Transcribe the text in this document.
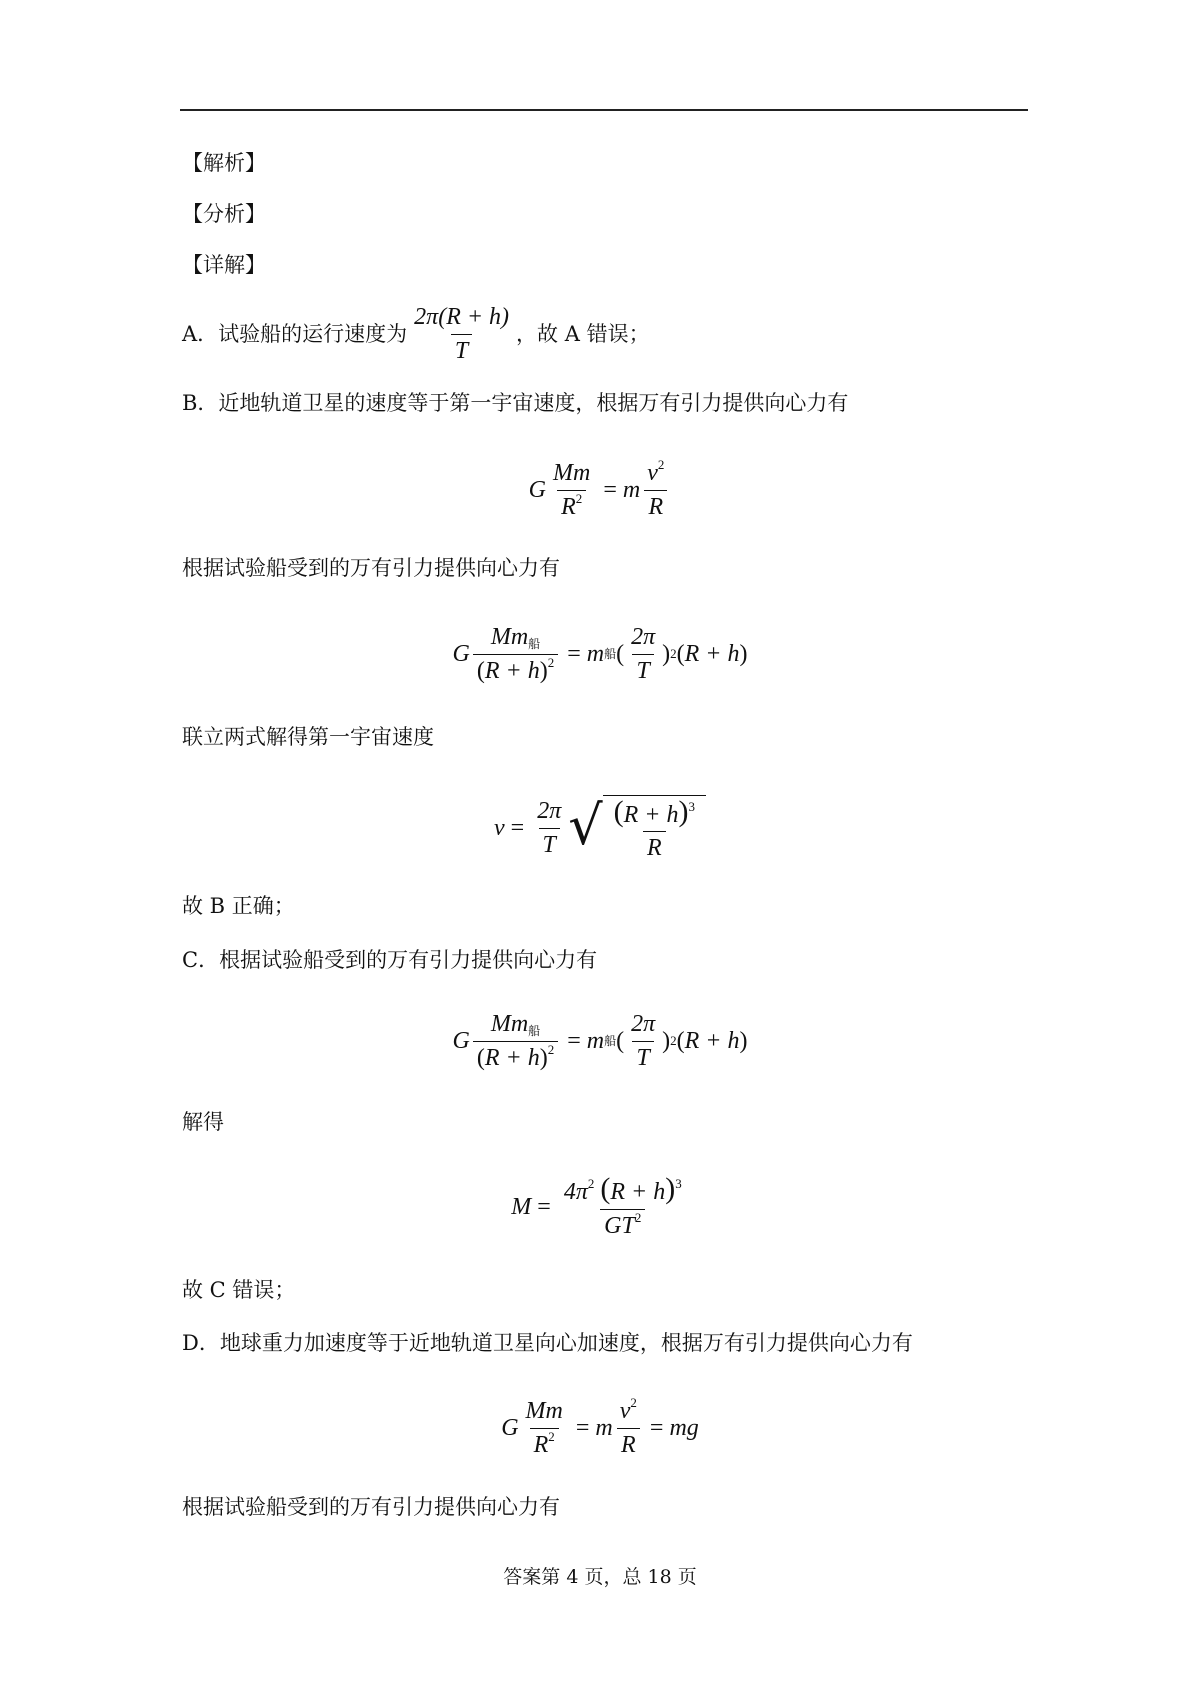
【解析】
【分析】
【详解】
A．试验船的运行速度为 $\frac{2\pi(R + h)}{T}$ ，故 A 错误；
B．近地轨道卫星的速度等于第一宇宙速度，根据万有引力提供向心力有
G $\frac{Mm}{R^2} = m \frac{v^2}{R}$
根据试验船受到的万有引力提供向心力有
G $\frac{Mm_船}{(R + h)^2} = m$ 船 ( $\frac{2\pi}{T}$ ) 2 ( R + h )
联立两式解得第一宇宙速度
$v = \frac{2\pi}{T}$ √ $\frac{(R + h)^3}{R}$
故 B 正确；
C．根据试验船受到的万有引力提供向心力有
G $\frac{Mm_船}{(R + h)^2} = m$ 船 ( $\frac{2\pi}{T}$ ) 2 ( R + h )
解得
$M = \frac{4\pi^2 (R + h)^3}{GT^2}$
故 C 错误；
D．地球重力加速度等于近地轨道卫星向心加速度，根据万有引力提供向心力有
G $\frac{Mm}{R^2} = m \frac{v^2}{R}$ = mg
根据试验船受到的万有引力提供向心力有
答案第 4 页，总 18 页
